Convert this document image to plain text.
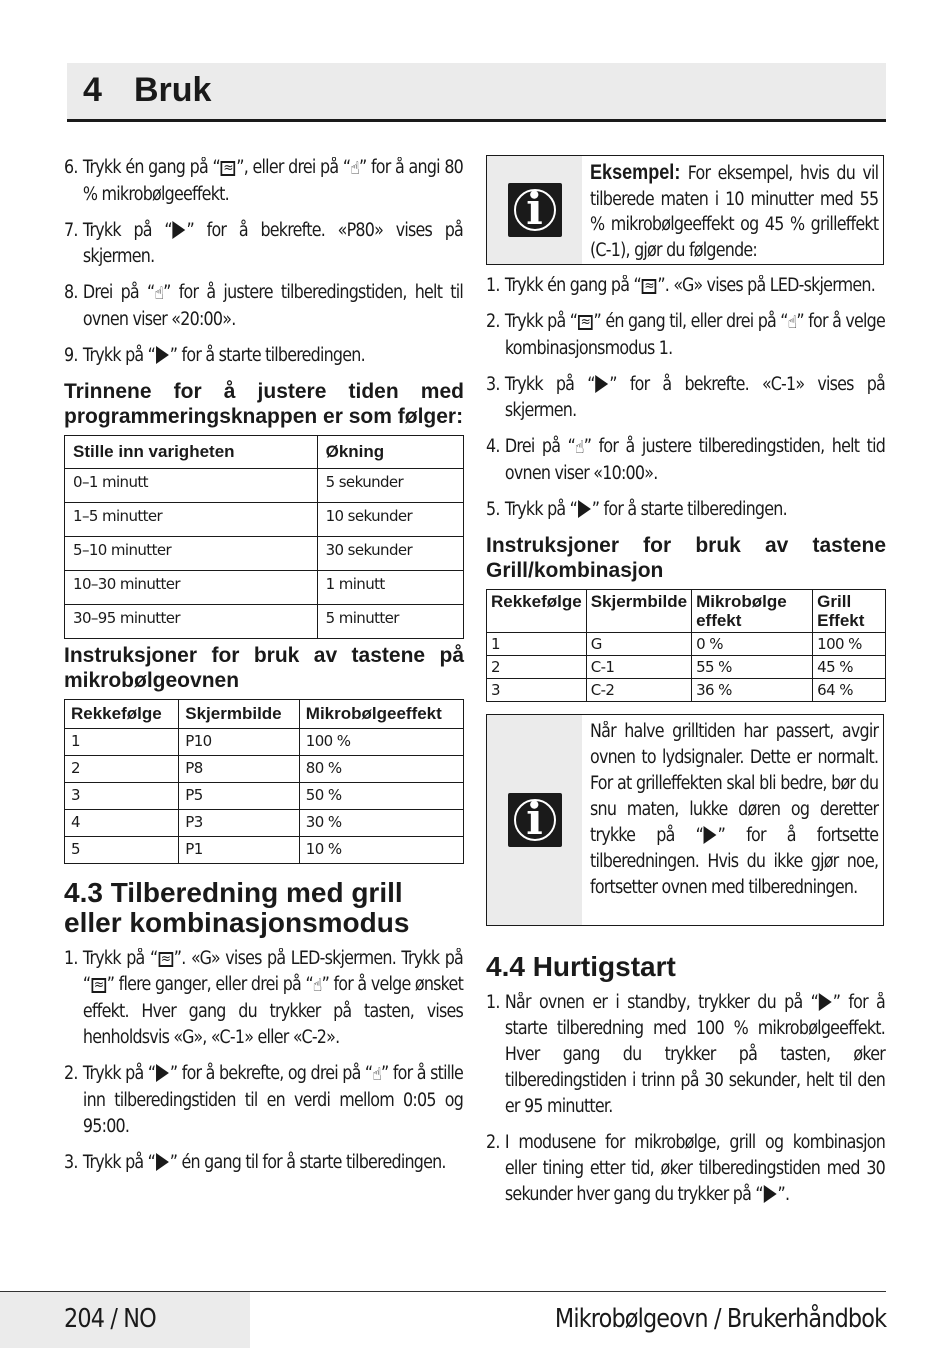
4 Bruk
6. Trykk én gang på “ ≈ ”, eller drei på “☝” for å angi 80 % mikrobølgeeffekt.
7. Trykk på “ ” for å bekrefte. «P80» vises på skjermen.
8. Drei på “☝” for å justere tilberedingstiden, helt til ovnen viser «20:00».
9. Trykk på “ ” for å starte tilberedingen.
Trinnene for å justere tiden med programmeringsknappen er som følger:
Stille inn varigheten	Økning
0–1 minutt	5 sekunder
1–5 minutter	10 sekunder
5–10 minutter	30 sekunder
10–30 minutter	1 minutt
30–95 minutter	5 minutter
Instruksjoner for bruk av tastene på mikrobølgeovnen
Rekkefølge	Skjermbilde	Mikrobølgeeffekt
1	P10	100 %
2	P8	80 %
3	P5	50 %
4	P3	30 %
5	P1	10 %
4.3 Tilberedning med grill eller kombinasjonsmodus
1. Trykk på “ ≈ ”. «G» vises på LED-skjermen. Trykk på “ ≈ ” flere ganger, eller drei på “☝” for å velge ønsket effekt. Hver gang du trykker på tasten, vises henholdsvis «G», «C-1» eller «C-2».
2. Trykk på “ ” for å bekrefte, og drei på “☝” for å stille inn tilberedingstiden til en verdi mellom 0:05 og 95:00.
3. Trykk på “ ” én gang til for å starte tilberedingen.
i
Eksempel: For eksempel, hvis du vil tilberede maten i 10 minutter med 55 % mikrobølgeeffekt og 45 % grilleffekt (C-1), gjør du følgende:
1. Trykk én gang på “ ≈ ”. «G» vises på LED-skjermen.
2. Trykk på “ ≈ ” én gang til, eller drei på “☝” for å velge kombinasjonsmodus 1.
3. Trykk på “ ” for å bekrefte. «C-1» vises på skjermen.
4. Drei på “☝” for å justere tilberedingstiden, helt tid ovnen viser «10:00».
5. Trykk på “ ” for å starte tilberedingen.
Instruksjoner for bruk av tastene Grill/kombinasjon
Rekkefølge	Skjermbilde	Mikrobølge effekt	Grill Effekt
1	G	0 %	100 %
2	C-1	55 %	45 %
3	C-2	36 %	64 %
i
Når halve grilltiden har passert, avgir ovnen to lydsignaler. Dette er normalt. For at grilleffekten skal bli bedre, bør du snu maten, lukke døren og deretter trykke på “ ” for å fortsette tilberedningen. Hvis du ikke gjør noe, fortsetter ovnen med tilberedningen.
4.4 Hurtigstart
1. Når ovnen er i standby, trykker du på “ ” for å starte tilberedning med 100 % mikrobølgeeffekt. Hver gang du trykker på tasten, øker tilberedingstiden i trinn på 30 sekunder, helt til den er 95 minutter.
2. I modusene for mikrobølge, grill og kombinasjon eller tining etter tid, øker tilberedingstiden med 30 sekunder hver gang du trykker på “ ”.
204 / NO	Mikrobølgeovn / Brukerhåndbok
